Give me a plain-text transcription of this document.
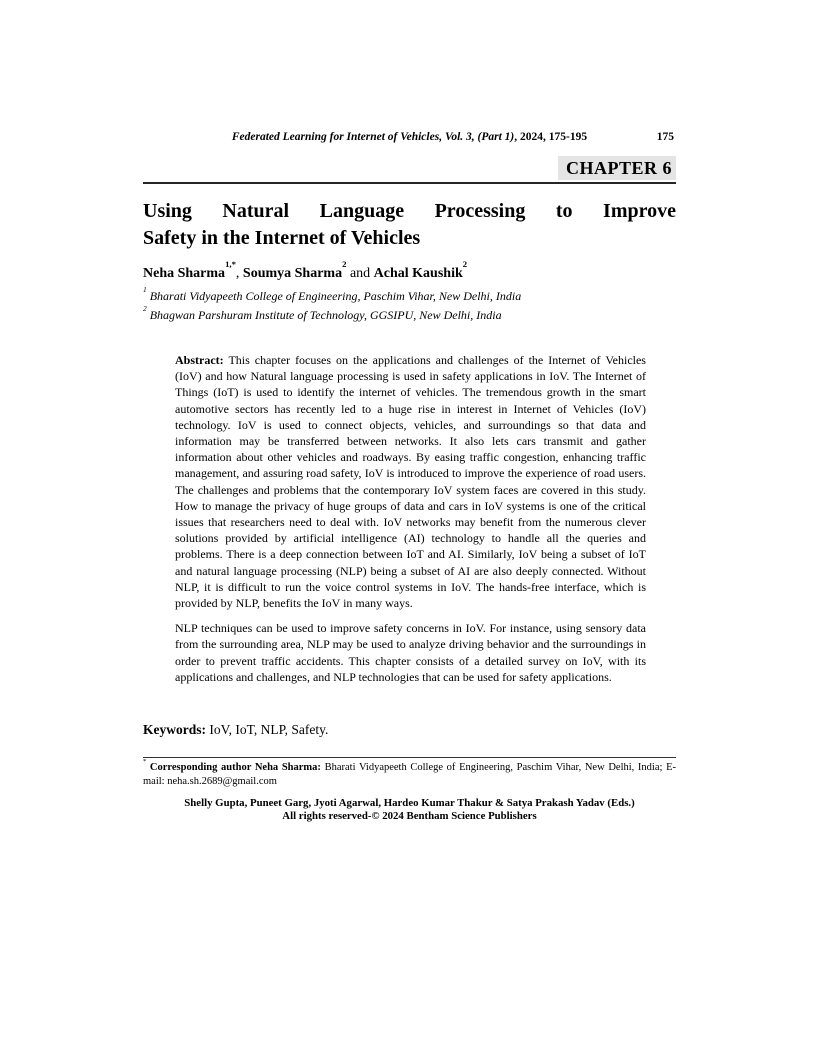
Federated Learning for Internet of Vehicles, Vol. 3, (Part 1), 2024, 175-195	175
CHAPTER 6
Using Natural Language Processing to Improve
Safety in the Internet of Vehicles

Neha Sharma$^{1,*}$, Soumya Sharma$^2$ and Achal Kaushik$^2$

$^1$ Bharati Vidyapeeth College of Engineering, Paschim Vihar, New Delhi, India

$^2$ Bhagwan Parshuram Institute of Technology, GGSIPU, New Delhi, India

Abstract: This chapter focuses on the applications and challenges of the Internet of Vehicles (IoV) and how Natural language processing is used in safety applications in IoV. The Internet of Things (IoT) is used to identify the internet of vehicles. The tremendous growth in the smart automotive sectors has recently led to a huge rise in interest in Internet of Vehicles (IoV) technology. IoV is used to connect objects, vehicles, and surroundings so that data and information may be transferred between networks. It also lets cars transmit and gather information about other vehicles and roadways. By easing traffic congestion, enhancing traffic management, and assuring road safety, IoV is introduced to improve the experience of road users. The challenges and problems that the contemporary IoV system faces are covered in this study. How to manage the privacy of huge groups of data and cars in IoV systems is one of the critical issues that researchers need to deal with. IoV networks may benefit from the numerous clever solutions provided by artificial intelligence (AI) technology to handle all the queries and problems. There is a deep connection between IoT and AI. Similarly, IoV being a subset of IoT and natural language processing (NLP) being a subset of AI are also deeply connected. Without NLP, it is difficult to run the voice control systems in IoV. The hands-free interface, which is provided by NLP, benefits the IoV in many ways.

NLP techniques can be used to improve safety concerns in IoV. For instance, using sensory data from the surrounding area, NLP may be used to analyze driving behavior and the surroundings in order to prevent traffic accidents. This chapter consists of a detailed survey on IoV, with its applications and challenges, and NLP technologies that can be used for safety applications.

Keywords: IoV, IoT, NLP, Safety.

* Corresponding author Neha Sharma: Bharati Vidyapeeth College of Engineering, Paschim Vihar, New Delhi, India; E-mail: neha.sh.2689@gmail.com

Shelly Gupta, Puneet Garg, Jyoti Agarwal, Hardeo Kumar Thakur & Satya Prakash Yadav (Eds.)
All rights reserved-© 2024 Bentham Science Publishers
